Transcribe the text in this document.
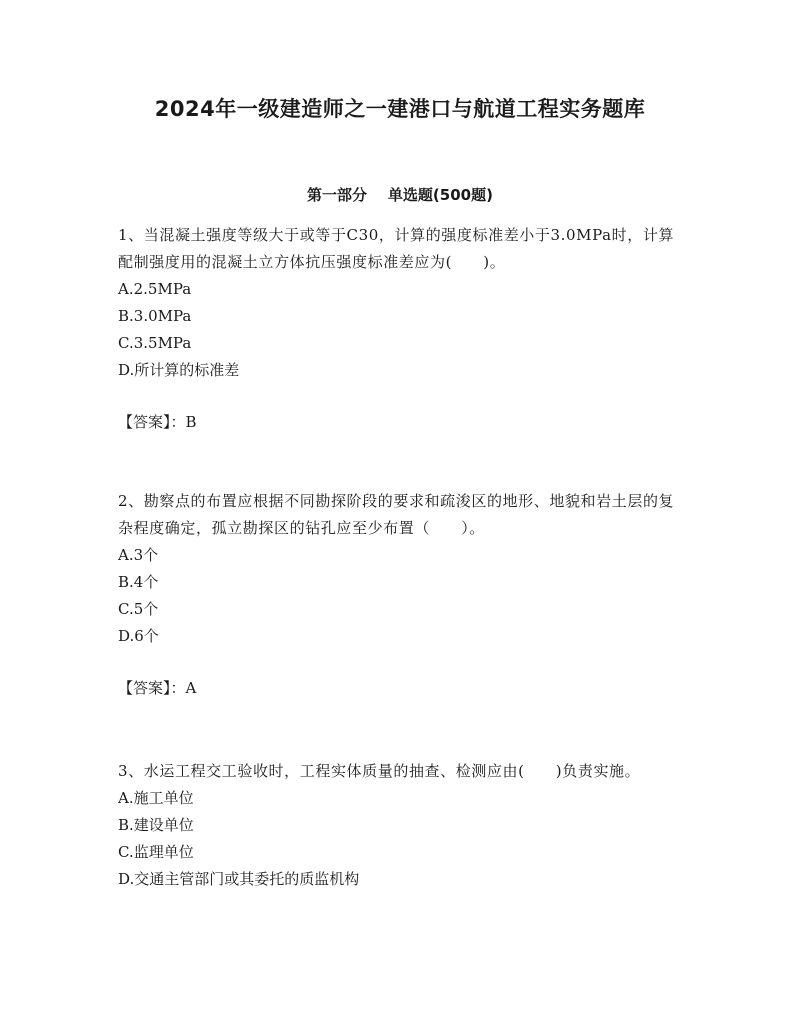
2024年一级建造师之一建港口与航道工程实务题库
第一部分    单选题(500题)
1、当混凝土强度等级大于或等于C30，计算的强度标准差小于3.0MPa时，计算配制强度用的混凝土立方体抗压强度标准差应为(　　)。
A.2.5MPa
B.3.0MPa
C.3.5MPa
D.所计算的标准差
【答案】：B
2、勘察点的布置应根据不同勘探阶段的要求和疏浚区的地形、地貌和岩土层的复杂程度确定，孤立勘探区的钻孔应至少布置（　　）。
A.3个
B.4个
C.5个
D.6个
【答案】：A
3、水运工程交工验收时，工程实体质量的抽查、检测应由(　　)负责实施。
A.施工单位
B.建设单位
C.监理单位
D.交通主管部门或其委托的质监机构
